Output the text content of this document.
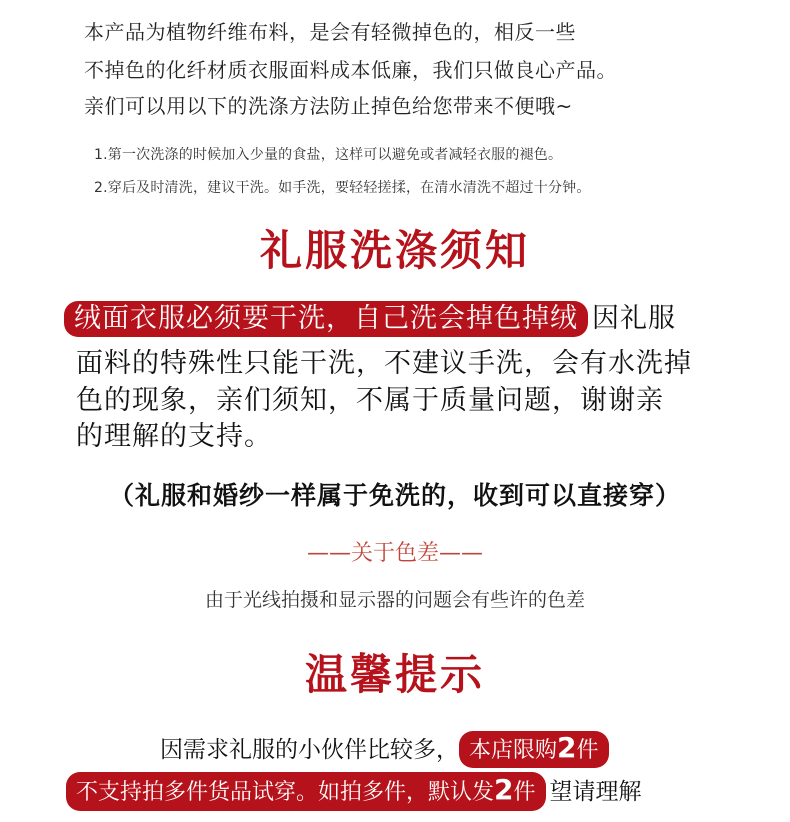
本产品为植物纤维布料，是会有轻微掉色的，相反一些
不掉色的化纤材质衣服面料成本低廉，我们只做良心产品。
亲们可以用以下的洗涤方法防止掉色给您带来不便哦~
1.第一次洗涤的时候加入少量的食盐，这样可以避免或者减轻衣服的褪色。
2.穿后及时清洗，建议干洗。如手洗，要轻轻搓揉，在清水清洗不超过十分钟。
礼服洗涤须知
绒面衣服必须要干洗，自己洗会掉色掉绒 因礼服
面料的特殊性只能干洗，不建议手洗，会有水洗掉
色的现象，亲们须知，不属于质量问题，谢谢亲
的理解的支持。
（礼服和婚纱一样属于免洗的，收到可以直接穿）
——关于色差——
由于光线拍摄和显示器的问题会有些许的色差
温馨提示
因需求礼服的小伙伴比较多， 本店限购2件
不支持拍多件货品试穿。如拍多件，默认发2件 望请理解
